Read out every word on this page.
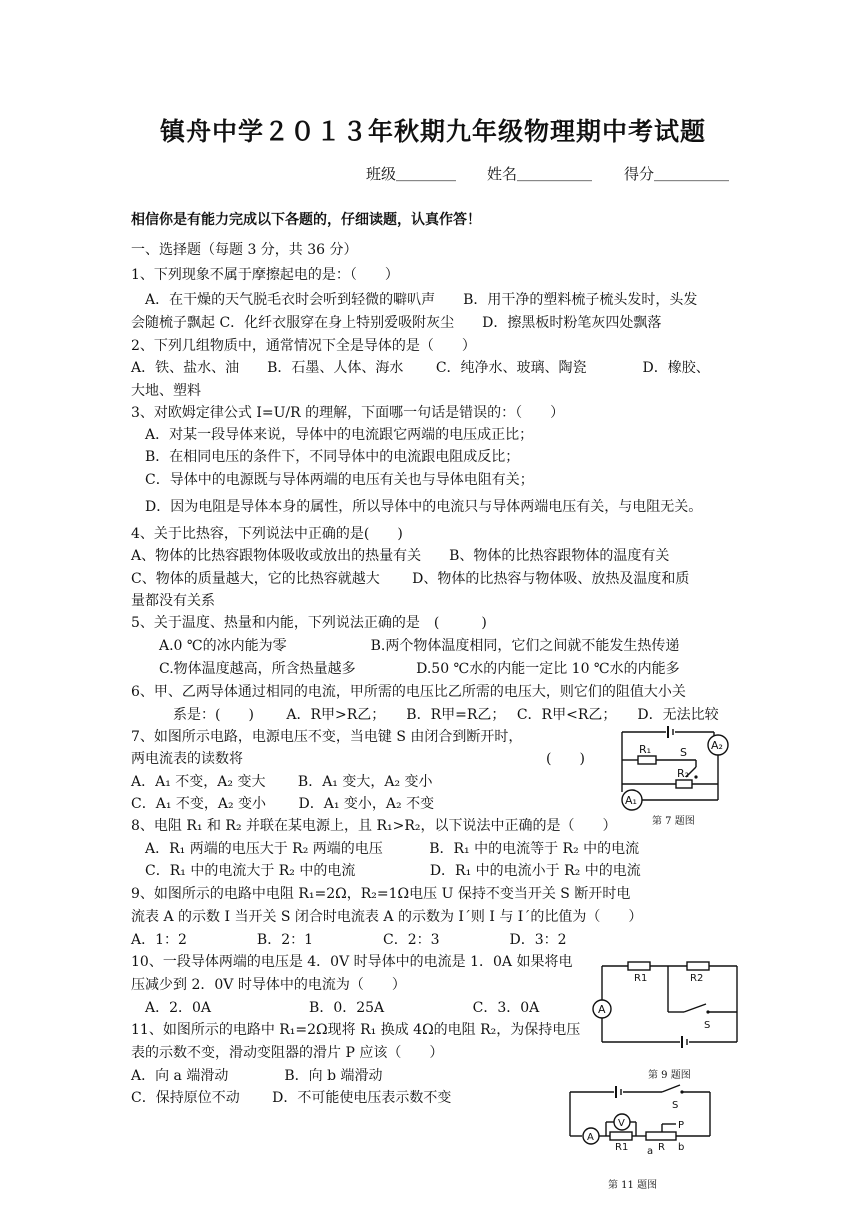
镇舟中学２０１３年秋期九年级物理期中考试题
班级＿＿＿＿ 姓名＿＿＿＿＿ 得分＿＿＿＿＿
相信你是有能力完成以下各题的，仔细读题，认真作答！
一、选择题（每题 3 分，共 36 分）
1、下列现象不属于摩擦起电的是：（　　）
　A．在干燥的天气脱毛衣时会听到轻微的噼叭声　　B．用干净的塑料梳子梳头发时，头发
会随梳子飘起 C．化纤衣服穿在身上特别爱吸附灰尘　　D．擦黑板时粉笔灰四处飘落
2、下列几组物质中，通常情况下全是导体的是（　　）
A．铁、盐水、油　　B．石墨、人体、海水　　 C．纯净水、玻璃、陶瓷　　　　D．橡胶、
大地、塑料
3、对欧姆定律公式 I=U/R 的理解，下面哪一句话是错误的：（　　）
　A．对某一段导体来说，导体中的电流跟它两端的电压成正比；
　B．在相同电压的条件下，不同导体中的电流跟电阻成反比；
　C．导体中的电源既与导体两端的电压有关也与导体电阻有关；
　D．因为电阻是导体本身的属性，所以导体中的电流只与导体两端电压有关，与电阻无关。
4、关于比热容，下列说法中正确的是(　　)
A、物体的比热容跟物体吸收或放出的热量有关　　B、物体的比热容跟物体的温度有关
C、物体的质量越大，它的比热容就越大　　 D、物体的比热容与物体吸、放热及温度和质
量都没有关系
5、关于温度、热量和内能，下列说法正确的是　(　　　)
　　A.0 ℃的冰内能为零　　　　　　B.两个物体温度相同，它们之间就不能发生热传递
　　C.物体温度越高，所含热量越多　　　　 D.50 ℃水的内能一定比 10 ℃水的内能多
6、甲、乙两导体通过相同的电流，甲所需的电压比乙所需的电压大，则它们的阻值大小关
　　　系是：(　　)　　 A．R甲>R乙；　　B．R甲=R乙；　 C．R甲<R乙；　　D．无法比较
7、如图所示电路，电源电压不变，当电键 S 由闭合到断开时，
两电流表的读数将	(　　)
A．A₁ 不变，A₂ 变大　　 B．A₁ 变大，A₂ 变小
C．A₁ 不变，A₂ 变小　　 D．A₁ 变小，A₂ 不变
8、电阻 R₁ 和 R₂ 并联在某电源上，且 R₁>R₂，以下说法中正确的是（　　）
　A．R₁ 两端的电压大于 R₂ 两端的电压　　　 B．R₁ 中的电流等于 R₂ 中的电流
　C．R₁ 中的电流大于 R₂ 中的电流　　　　　 D．R₁ 中的电流小于 R₂ 中的电流
9、如图所示的电路中电阻 R₁=2Ω，R₂=1Ω电压 U 保持不变当开关 S 断开时电
流表 A 的示数 I 当开关 S 闭合时电流表 A 的示数为 Iˊ则 I 与 Iˊ的比值为（　　）
A．1：2　　　　　B．2：1　　　　　C．2：3　　　　　D．3：2
10、一段导体两端的电压是 4．0V 时导体中的电流是 1．0A 如果将电
压减少到 2．0V 时导体中的电流为（　　）
　A．2．0A　　　　　　　B．0．25A　　　　　　 C．3．0A
11、如图所示的电路中 R₁=2Ω现将 R₁ 换成 4Ω的电阻 R₂，为保持电压
表的示数不变，滑动变阻器的滑片 P 应该（　　）
A．向 a 端滑动　　　　B．向 b 端滑动
C．保持原位不动　　 D．不可能使电压表示数不变
A₂
R₁	S
R₂
A₁
第 7 题图
R1	R2
A
S
第 9 题图
S
A
R1
V
a R b
P
第 11 题图
